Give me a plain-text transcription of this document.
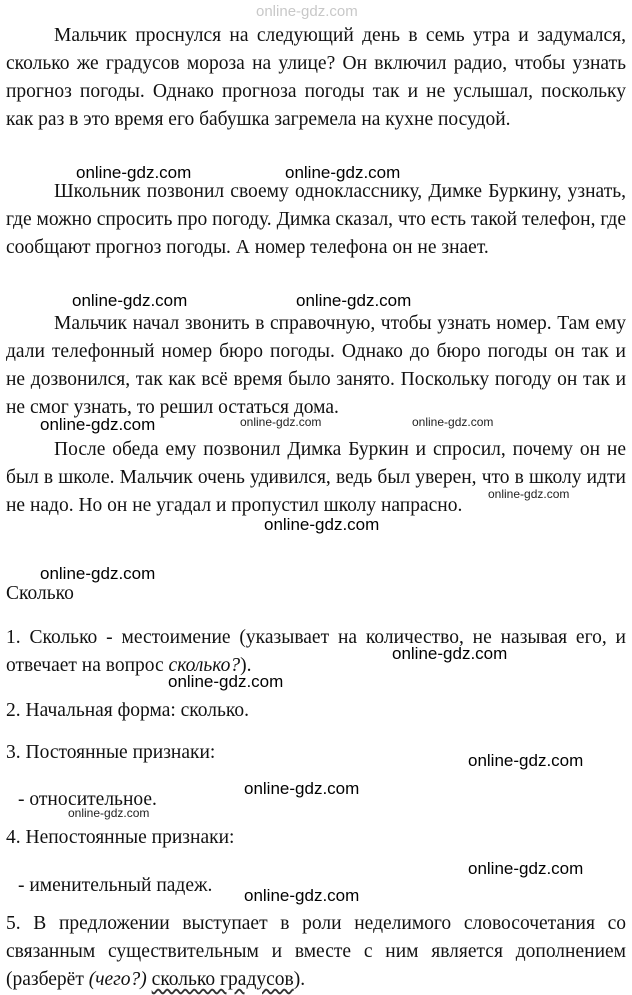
online-gdz.com

Мальчик проснулся на следующий день в семь утра и задумался, сколько же градусов мороза на улице? Он включил радио, чтобы узнать прогноз погоды. Однако прогноза погоды так и не услышал, поскольку как раз в это время его бабушка загремела на кухне посудой.

online-gdz.com	online-gdz.com

Школьник позвонил своему однокласснику, Димке Буркину, узнать, где можно спросить про погоду. Димка сказал, что есть такой телефон, где сообщают прогноз погоды. А номер телефона он не знает.

online-gdz.com	online-gdz.com

Мальчик начал звонить в справочную, чтобы узнать номер. Там ему дали телефонный номер бюро погоды. Однако до бюро погоды он так и не дозвонился, так как всё время было занято. Поскольку погоду он так и не смог узнать, то решил остаться дома.

online-gdz.com	online-gdz.com	online-gdz.com

После обеда ему позвонил Димка Буркин и спросил, почему он не был в школе. Мальчик очень удивился, ведь был уверен, что в школу идти не надо. Но он не угадал и пропустил школу напрасно.

online-gdz.com
online-gdz.com
online-gdz.com

Сколько

1. Сколько - местоимение (указывает на количество, не называя его, и отвечает на вопрос сколько?).

online-gdz.com
online-gdz.com

2. Начальная форма: сколько.

3. Постоянные признаки:	online-gdz.com
online-gdz.com

- относительное.

online-gdz.com

4. Непостоянные признаки:

online-gdz.com

- именительный падеж. online-gdz.com

5. В предложении выступает в роли неделимого словосочетания со связанным существительным и вместе с ним является дополнением (разберёт (чего?) сколько градусов).
